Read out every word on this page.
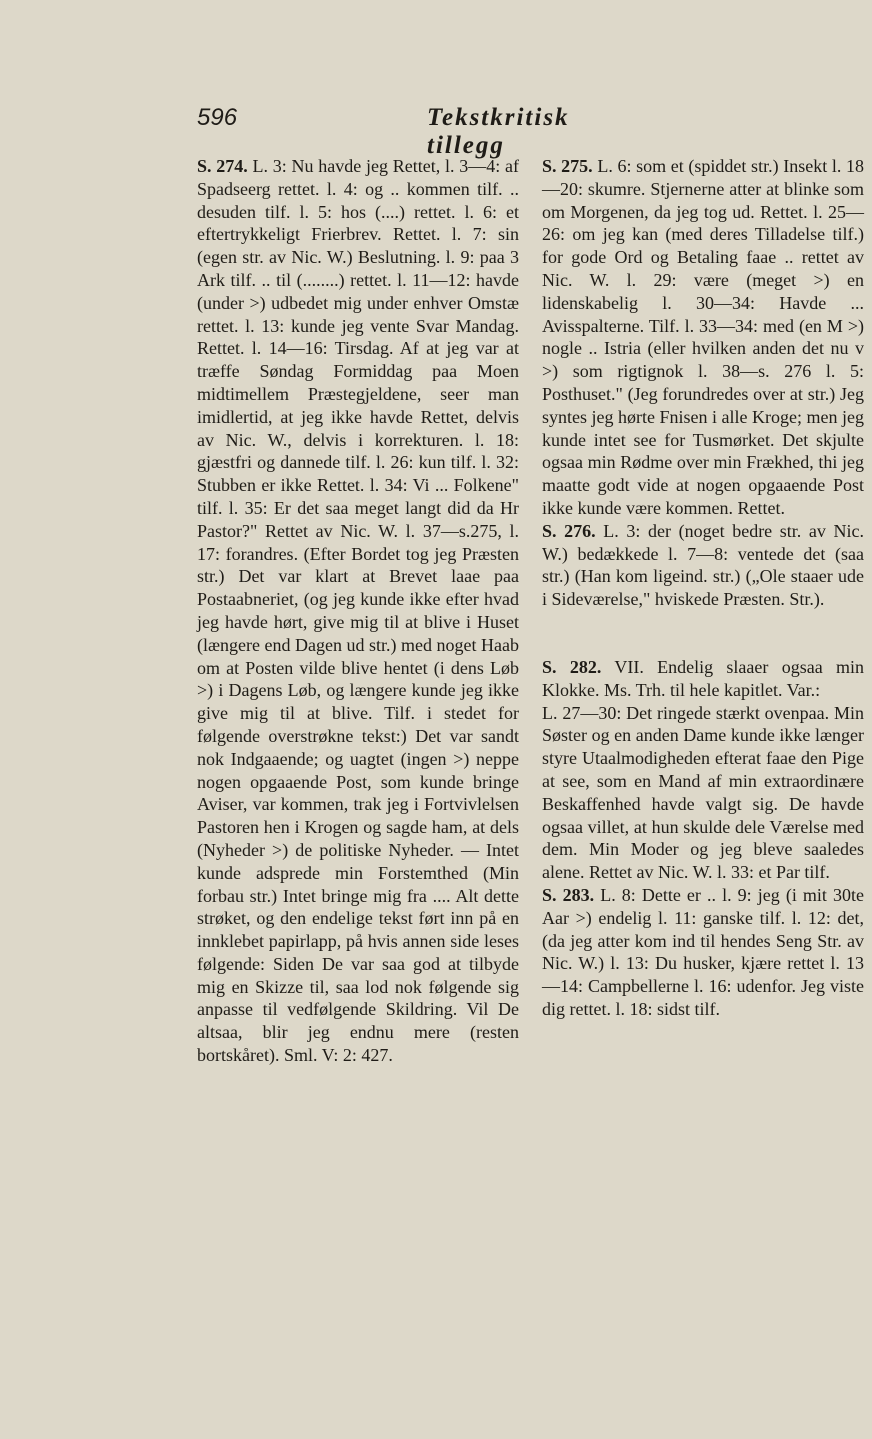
596	Tekstkritisk tillegg

S. 274. L. 3: Nu havde jeg Rettet, l. 3—4: af Spadseerg rettet. l. 4: og .. kommen tilf. .. desuden tilf. l. 5: hos (....) rettet. l. 6: et eftertrykkeligt Frierbrev. Rettet. l. 7: sin (egen str. av Nic. W.) Beslutning. l. 9: paa 3 Ark tilf. .. til (........) rettet. l. 11—12: havde (under >) udbedet mig under enhver Omstæ rettet. l. 13: kunde jeg vente Svar Mandag. Rettet. l. 14—16: Tirsdag. Af at jeg var at træffe Søndag Formiddag paa Moen midtimellem Præstegjeldene, seer man imidlertid, at jeg ikke havde Rettet, delvis av Nic. W., delvis i korrekturen. l. 18: gjæstfri og dannede tilf. l. 26: kun tilf. l. 32: Stubben er ikke Rettet. l. 34: Vi ... Folkene" tilf. l. 35: Er det saa meget langt did da Hr Pastor?" Rettet av Nic. W. l. 37—s.275, l. 17: forandres. (Efter Bordet tog jeg Præsten str.) Det var klart at Brevet laae paa Postaabneriet, (og jeg kunde ikke efter hvad jeg havde hørt, give mig til at blive i Huset (længere end Dagen ud str.) med noget Haab om at Posten vilde blive hentet (i dens Løb >) i Dagens Løb, og længere kunde jeg ikke give mig til at blive. Tilf. i stedet for følgende overstrøkne tekst:) Det var sandt nok Indgaaende; og uagtet (ingen >) neppe nogen opgaaende Post, som kunde bringe Aviser, var kommen, trak jeg i Fortvivlelsen Pastoren hen i Krogen og sagde ham, at dels (Nyheder >) de politiske Nyheder. — Intet kunde adsprede min Forstemthed (Min forbau str.) Intet bringe mig fra .... Alt dette strøket, og den endelige tekst ført inn på en innklebet papirlapp, på hvis annen side leses følgende: Siden De var saa god at tilbyde mig en Skizze til, saa lod nok følgende sig anpasse til vedfølgende Skildring. Vil De altsaa, blir jeg endnu mere (resten bortskåret). Sml. V: 2: 427.

S. 275. L. 6: som et (spiddet str.) Insekt l. 18—20: skumre. Stjernerne atter at blinke som om Morgenen, da jeg tog ud. Rettet. l. 25—26: om jeg kan (med deres Tilladelse tilf.) for gode Ord og Betaling faae .. rettet av Nic. W. l. 29: være (meget >) en lidenskabelig l. 30—34: Havde ... Avisspalterne. Tilf. l. 33—34: med (en M >) nogle .. Istria (eller hvilken anden det nu v >) som rigtignok l. 38—s. 276 l. 5: Posthuset." (Jeg forundredes over at str.) Jeg syntes jeg hørte Fnisen i alle Kroge; men jeg kunde intet see for Tusmørket. Det skjulte ogsaa min Rødme over min Frækhed, thi jeg maatte godt vide at nogen opgaaende Post ikke kunde være kommen. Rettet.

S. 276. L. 3: der (noget bedre str. av Nic. W.) bedækkede l. 7—8: ventede det (saa str.) (Han kom ligeind. str.) („Ole staaer ude i Sideværelse," hviskede Præsten. Str.).

S. 282. VII. Endelig slaaer ogsaa min Klokke. Ms. Trh. til hele kapitlet. Var.:

L. 27—30: Det ringede stærkt ovenpaa. Min Søster og en anden Dame kunde ikke længer styre Utaalmodigheden efterat faae den Pige at see, som en Mand af min extraordinære Beskaffenhed havde valgt sig. De havde ogsaa villet, at hun skulde dele Værelse med dem. Min Moder og jeg bleve saaledes alene. Rettet av Nic. W. l. 33: et Par tilf.

S. 283. L. 8: Dette er .. l. 9: jeg (i mit 30te Aar >) endelig l. 11: ganske tilf. l. 12: det, (da jeg atter kom ind til hendes Seng Str. av Nic. W.) l. 13: Du husker, kjære rettet l. 13—14: Campbellerne l. 16: udenfor. Jeg viste dig rettet. l. 18: sidst tilf.
